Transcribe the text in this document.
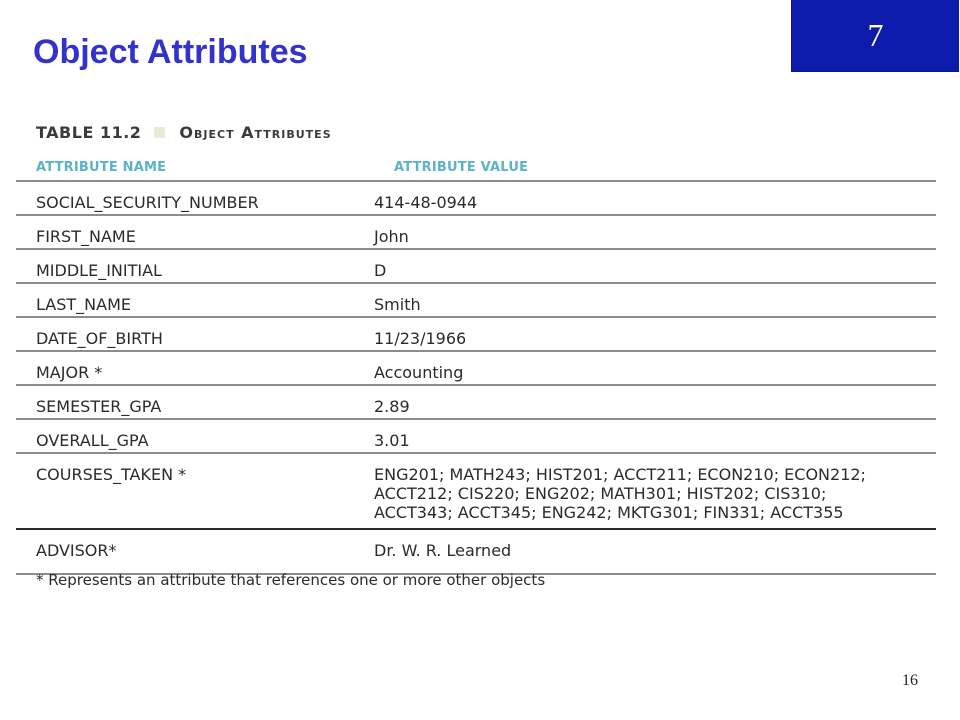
Object Attributes	7
TABLE 11.2 Object Attributes
ATTRIBUTE NAME	ATTRIBUTE VALUE
SOCIAL_SECURITY_NUMBER	414-48-0944
FIRST_NAME	John
MIDDLE_INITIAL	D
LAST_NAME	Smith
DATE_OF_BIRTH	11/23/1966
MAJOR *	Accounting
SEMESTER_GPA	2.89
OVERALL_GPA	3.01
COURSES_TAKEN *	ENG201; MATH243; HIST201; ACCT211; ECON210; ECON212;
ACCT212; CIS220; ENG202; MATH301; HIST202; CIS310;
ACCT343; ACCT345; ENG242; MKTG301; FIN331; ACCT355
ADVISOR*	Dr. W. R. Learned
* Represents an attribute that references one or more other objects
16
